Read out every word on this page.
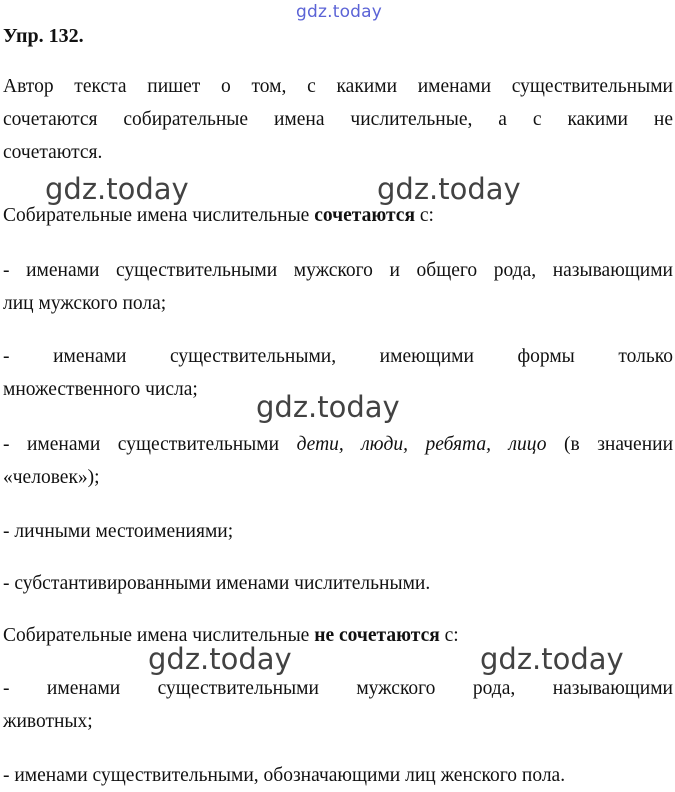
gdz.today
Упр. 132.
Автор текста пишет о том, с какими именами существительными
сочетаются собирательные имена числительные, а с какими не
сочетаются.
Собирательные имена числительные сочетаются с:
- именами существительными мужского и общего рода, называющими
лиц мужского пола;
- именами существительными, имеющими формы только
множественного числа;
- именами существительными дети, люди, ребята, лицо (в значении
«человек»);
- личными местоимениями;
- субстантивированными именами числительными.
Собирательные имена числительные не сочетаются с:
- именами существительными мужского рода, называющими
животных;
- именами существительными, обозначающими лиц женского пола.
gdz.today	gdz.today
gdz.today
gdz.today	gdz.today
